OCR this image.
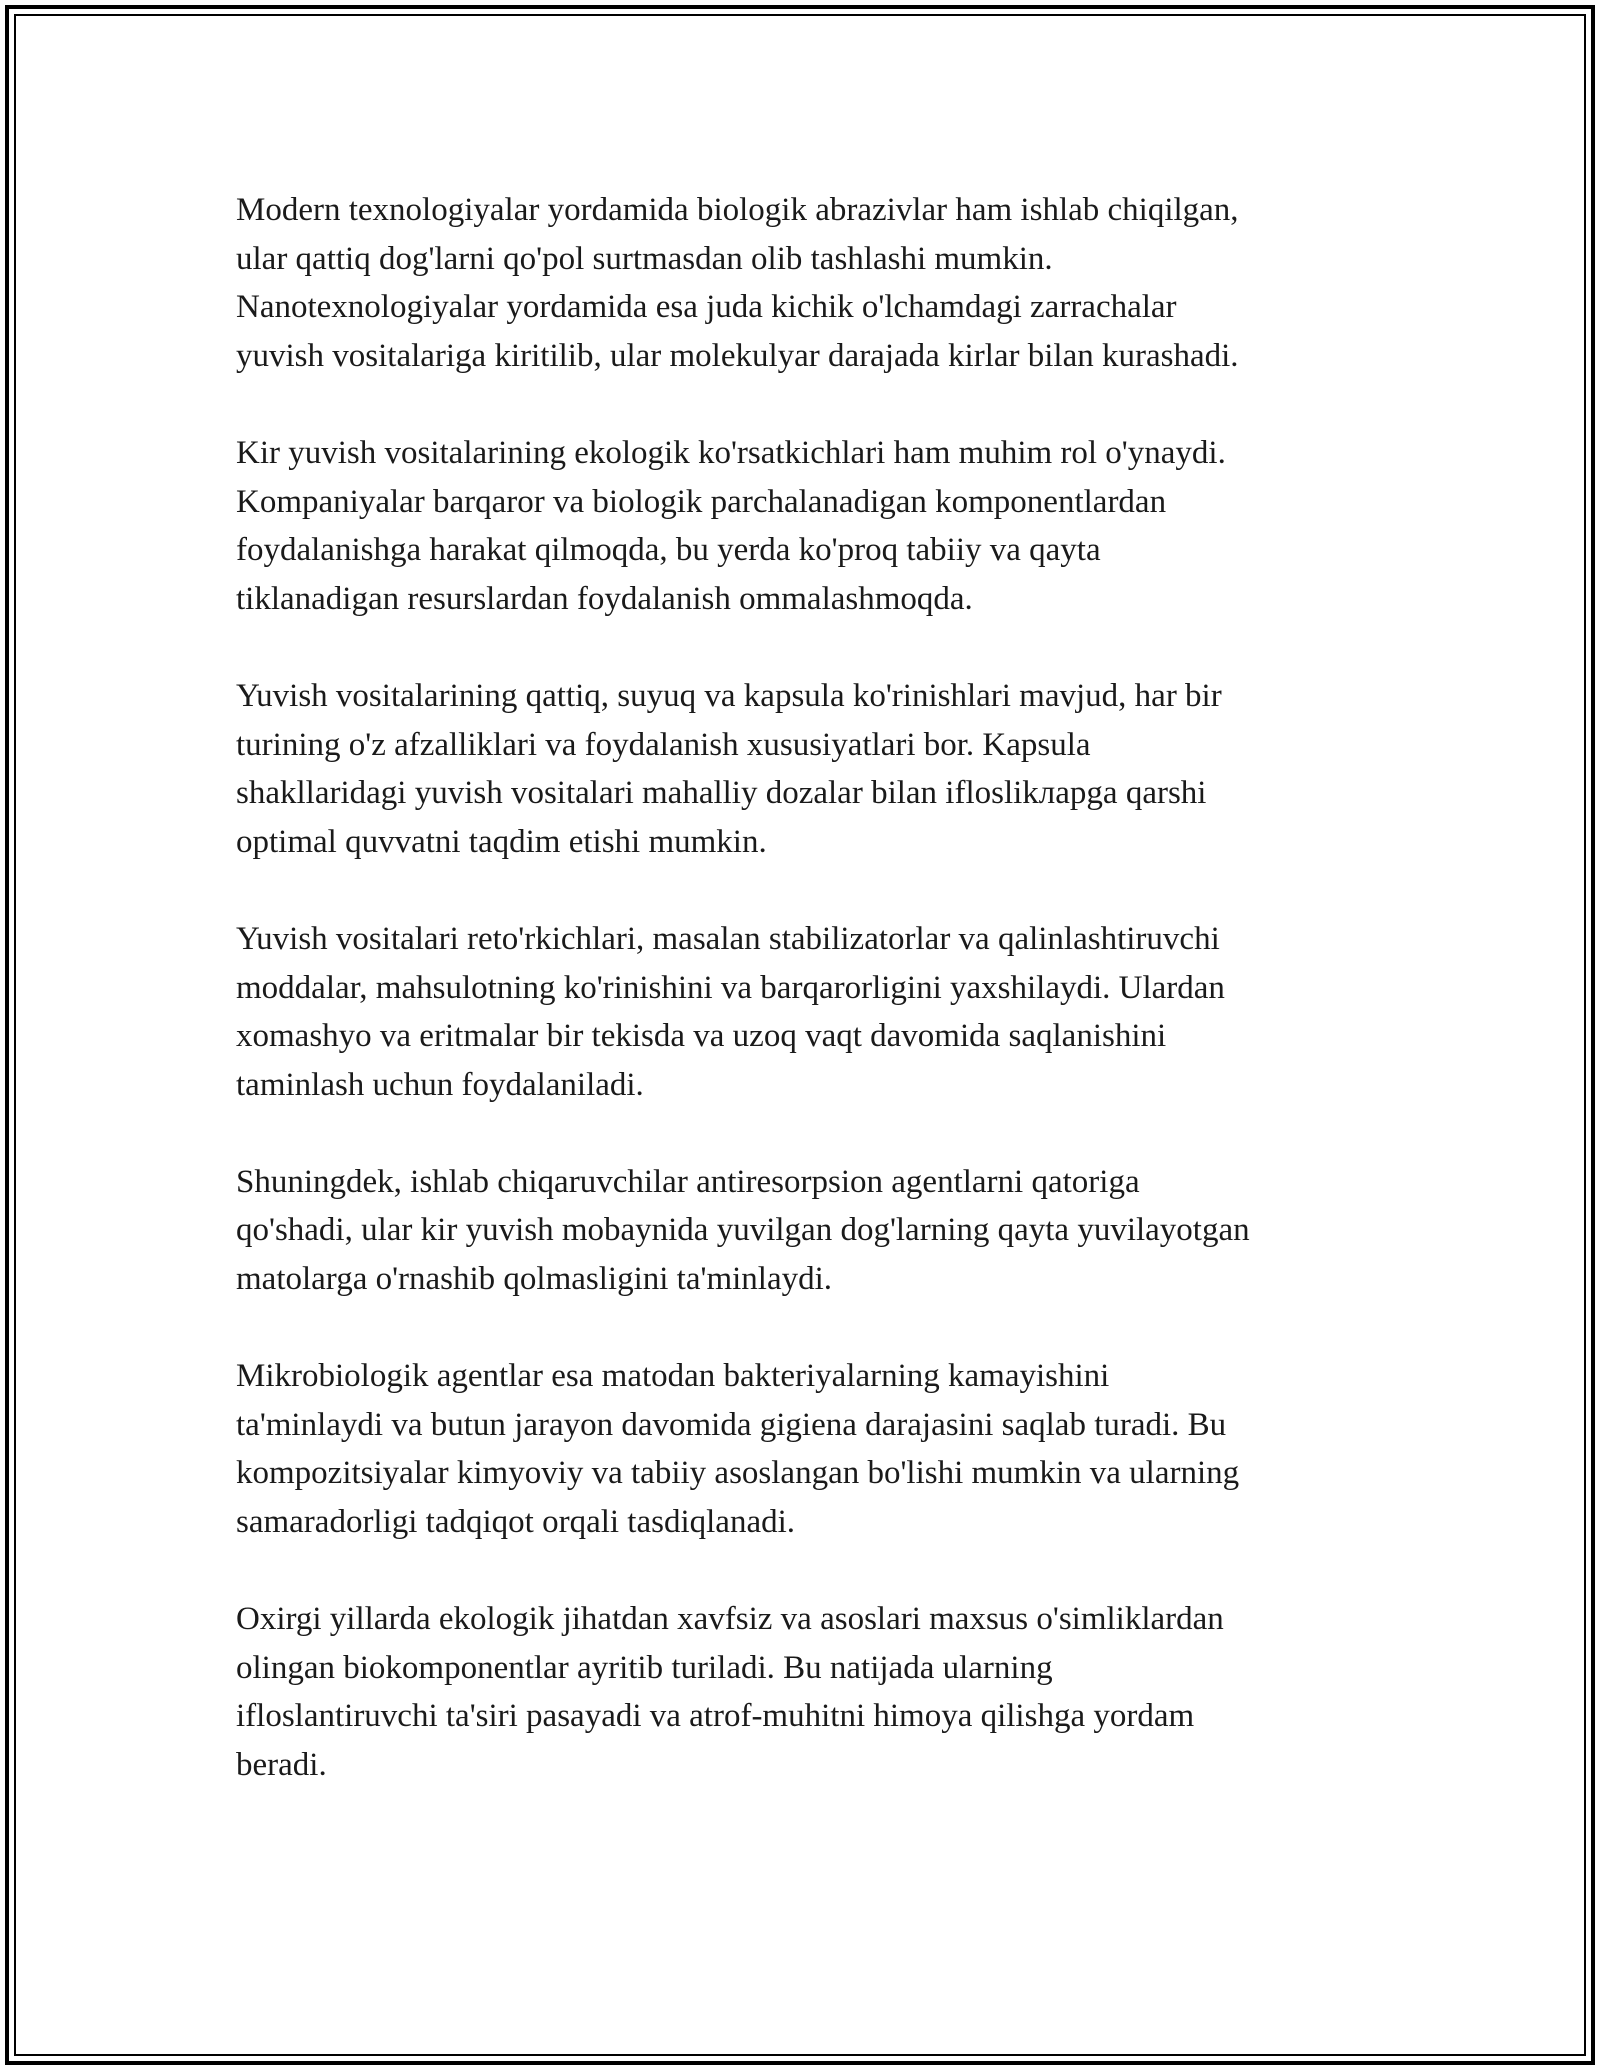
Modern texnologiyalar yordamida biologik abrazivlar ham ishlab chiqilgan,
ular qattiq dog'larni qo'pol surtmasdan olib tashlashi mumkin.
Nanotexnologiyalar yordamida esa juda kichik o'lchamdagi zarrachalar
yuvish vositalariga kiritilib, ular molekulyar darajada kirlar bilan kurashadi.

Kir yuvish vositalarining ekologik ko'rsatkichlari ham muhim rol o'ynaydi.
Kompaniyalar barqaror va biologik parchalanadigan komponentlardan
foydalanishga harakat qilmoqda, bu yerda ko'proq tabiiy va qayta
tiklanadigan resurslardan foydalanish ommalashmoqda.

Yuvish vositalarining qattiq, suyuq va kapsula ko'rinishlari mavjud, har bir
turining o'z afzalliklari va foydalanish xususiyatlari bor. Kapsula
shakllaridagi yuvish vositalari mahalliy dozalar bilan ifloslikларga qarshi
optimal quvvatni taqdim etishi mumkin.

Yuvish vositalari reto'rkichlari, masalan stabilizatorlar va qalinlashtiruvchi
moddalar, mahsulotning ko'rinishini va barqarorligini yaxshilaydi. Ulardan
xomashyo va eritmalar bir tekisda va uzoq vaqt davomida saqlanishini
taminlash uchun foydalaniladi.

Shuningdek, ishlab chiqaruvchilar antiresorpsion agentlarni qatoriga
qo'shadi, ular kir yuvish mobaynida yuvilgan dog'larning qayta yuvilayotgan
matolarga o'rnashib qolmasligini ta'minlaydi.

Mikrobiologik agentlar esa matodan bakteriyalarning kamayishini
ta'minlaydi va butun jarayon davomida gigiena darajasini saqlab turadi. Bu
kompozitsiyalar kimyoviy va tabiiy asoslangan bo'lishi mumkin va ularning
samaradorligi tadqiqot orqali tasdiqlanadi.

Oxirgi yillarda ekologik jihatdan xavfsiz va asoslari maxsus o'simliklardan
olingan biokomponentlar ayritib turiladi. Bu natijada ularning
ifloslantiruvchi ta'siri pasayadi va atrof-muhitni himoya qilishga yordam
beradi.
